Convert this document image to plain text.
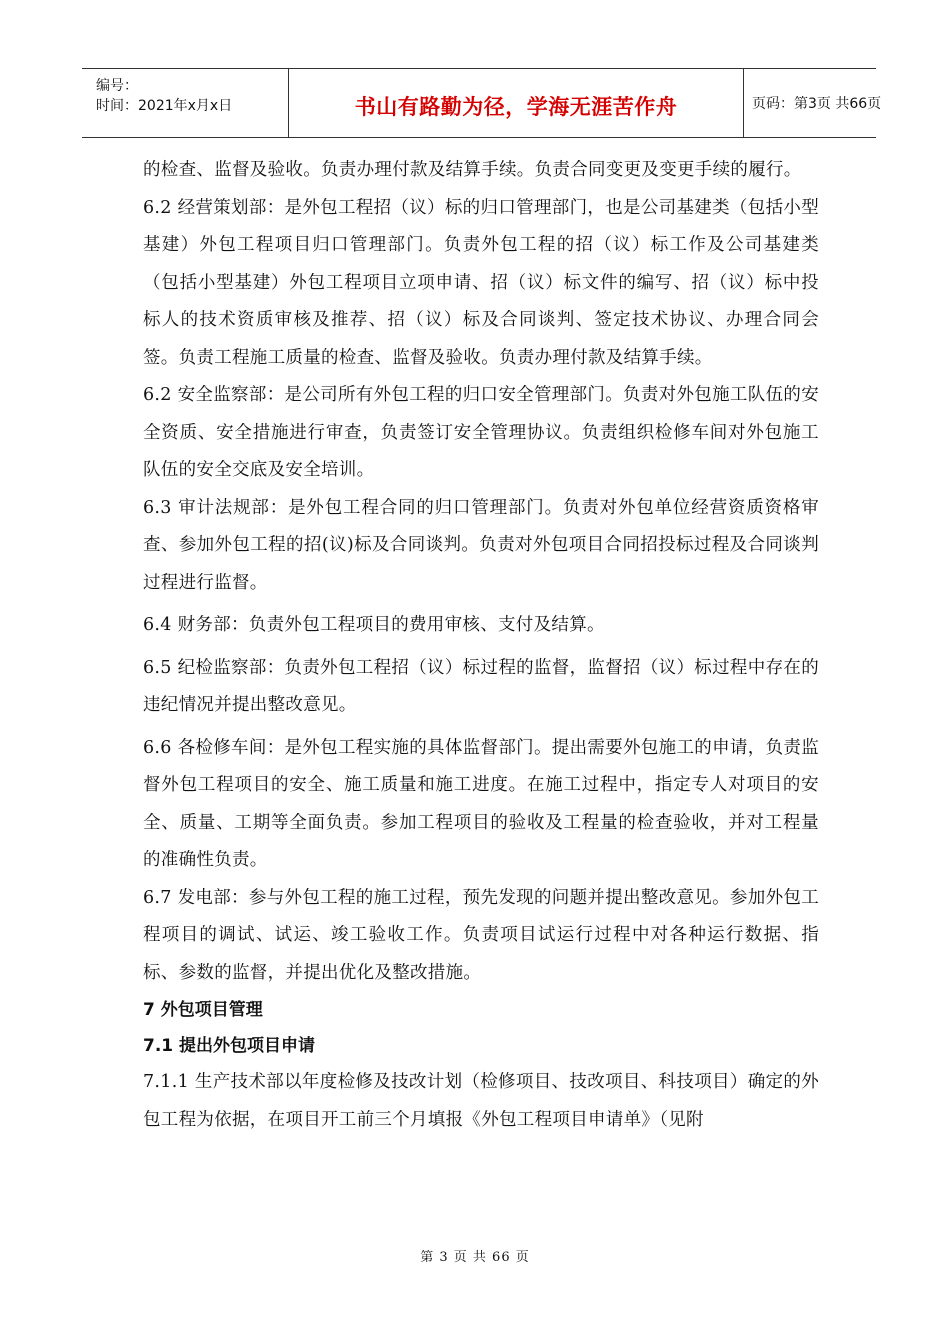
编号：
时间：2021年x月x日	书山有路勤为径，学海无涯苦作舟	页码：第3页 共66页

的检查、监督及验收。负责办理付款及结算手续。负责合同变更及变更手续的履行。

6.2 经营策划部：是外包工程招（议）标的归口管理部门，也是公司基建类（包括小型基建）外包工程项目归口管理部门。负责外包工程的招（议）标工作及公司基建类（包括小型基建）外包工程项目立项申请、招（议）标文件的编写、招（议）标中投标人的技术资质审核及推荐、招（议）标及合同谈判、签定技术协议、办理合同会签。负责工程施工质量的检查、监督及验收。负责办理付款及结算手续。

6.2 安全监察部：是公司所有外包工程的归口安全管理部门。负责对外包施工队伍的安全资质、安全措施进行审查，负责签订安全管理协议。负责组织检修车间对外包施工队伍的安全交底及安全培训。

6.3 审计法规部：是外包工程合同的归口管理部门。负责对外包单位经营资质资格审查、参加外包工程的招(议)标及合同谈判。负责对外包项目合同招投标过程及合同谈判过程进行监督。

6.4 财务部：负责外包工程项目的费用审核、支付及结算。

6.5 纪检监察部：负责外包工程招（议）标过程的监督，监督招（议）标过程中存在的违纪情况并提出整改意见。

6.6 各检修车间：是外包工程实施的具体监督部门。提出需要外包施工的申请，负责监督外包工程项目的安全、施工质量和施工进度。在施工过程中，指定专人对项目的安全、质量、工期等全面负责。参加工程项目的验收及工程量的检查验收，并对工程量的准确性负责。

6.7 发电部：参与外包工程的施工过程，预先发现的问题并提出整改意见。参加外包工程项目的调试、试运、竣工验收工作。负责项目试运行过程中对各种运行数据、指标、参数的监督，并提出优化及整改措施。

7 外包项目管理

7.1 提出外包项目申请

7.1.1 生产技术部以年度检修及技改计划（检修项目、技改项目、科技项目）确定的外包工程为依据，在项目开工前三个月填报《外包工程项目申请单》（见附

第 3 页 共 66 页
